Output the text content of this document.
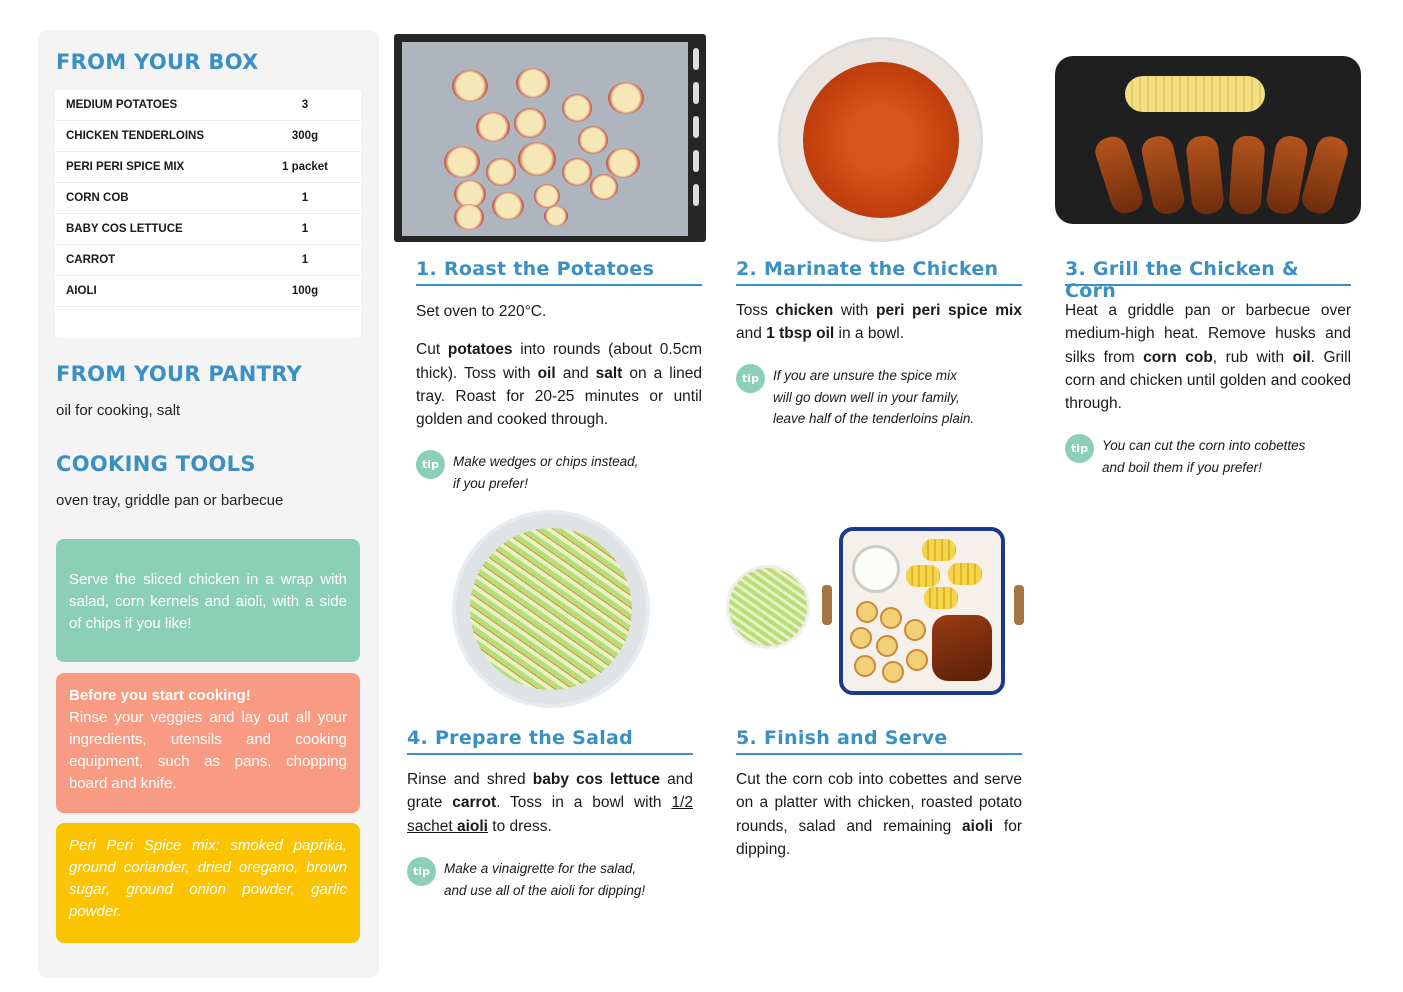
FROM YOUR BOX
MEDIUM POTATOES	3
CHICKEN TENDERLOINS	300g
PERI PERI SPICE MIX	1 packet
CORN COB	1
BABY COS LETTUCE	1
CARROT	1
AIOLI	100g
FROM YOUR PANTRY
oil for cooking, salt
COOKING TOOLS
oven tray, griddle pan or barbecue
Serve the sliced chicken in a wrap with salad, corn kernels and aioli, with a side of chips if you like!
Before you start cooking!
Rinse your veggies and lay out all your ingredients, utensils and cooking equipment, such as pans, chopping board and knife.
Peri Peri Spice mix: smoked paprika, ground coriander, dried oregano, brown sugar, ground onion powder, garlic powder.
1. Roast the Potatoes

Set oven to 220°C.

Cut potatoes into rounds (about 0.5cm thick). Toss with oil and salt on a lined tray. Roast for 20-25 minutes or until golden and cooked through.

tip	Make wedges or chips instead,
if you prefer!
2. Marinate the Chicken

Toss chicken with peri peri spice mix and 1 tbsp oil in a bowl.

tip	If you are unsure the spice mix
will go down well in your family,
leave half of the tenderloins plain.
3. Grill the Chicken & Corn

Heat a griddle pan or barbecue over medium-high heat. Remove husks and silks from corn cob, rub with oil. Grill corn and chicken until golden and cooked through.

tip	You can cut the corn into cobettes
and boil them if you prefer!
4. Prepare the Salad

Rinse and shred baby cos lettuce and grate carrot. Toss in a bowl with 1/2 sachet aioli to dress.

tip	Make a vinaigrette for the salad,
and use all of the aioli for dipping!
5. Finish and Serve

Cut the corn cob into cobettes and serve on a platter with chicken, roasted potato rounds, salad and remaining aioli for dipping.
